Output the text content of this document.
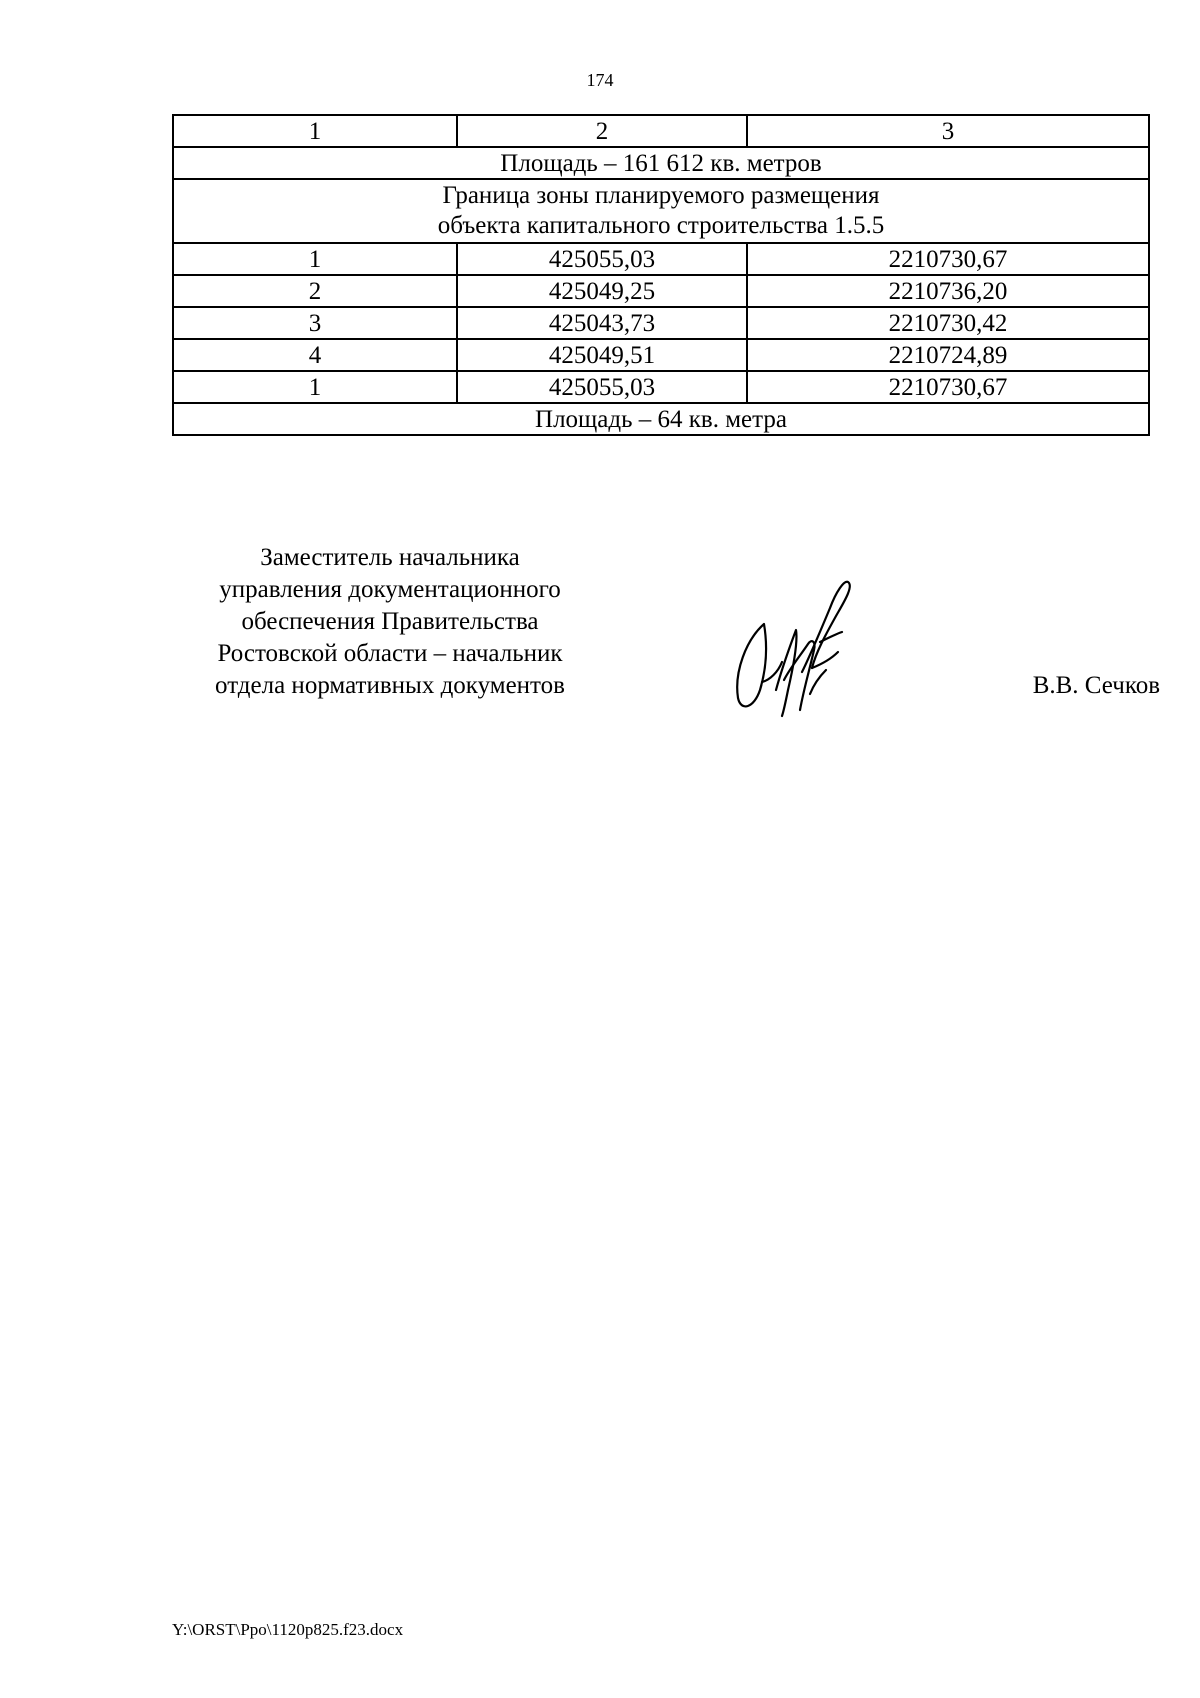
174
1	2	3
Площадь – 161 612 кв. метров		

Граница зоны планируемого размещения
объекта капитального строительства 1.5.5		

1	425055,03	2210730,67
2	425049,25	2210736,20
3	425043,73	2210730,42
4	425049,51	2210724,89
1	425055,03	2210730,67
Площадь – 64 кв. метра		
Заместитель начальника
управления документационного
обеспечения Правительства
Ростовской области – начальник
отдела нормативных документов	В.В. Сечков
Y:\ORST\Ppo\1120p825.f23.docx
